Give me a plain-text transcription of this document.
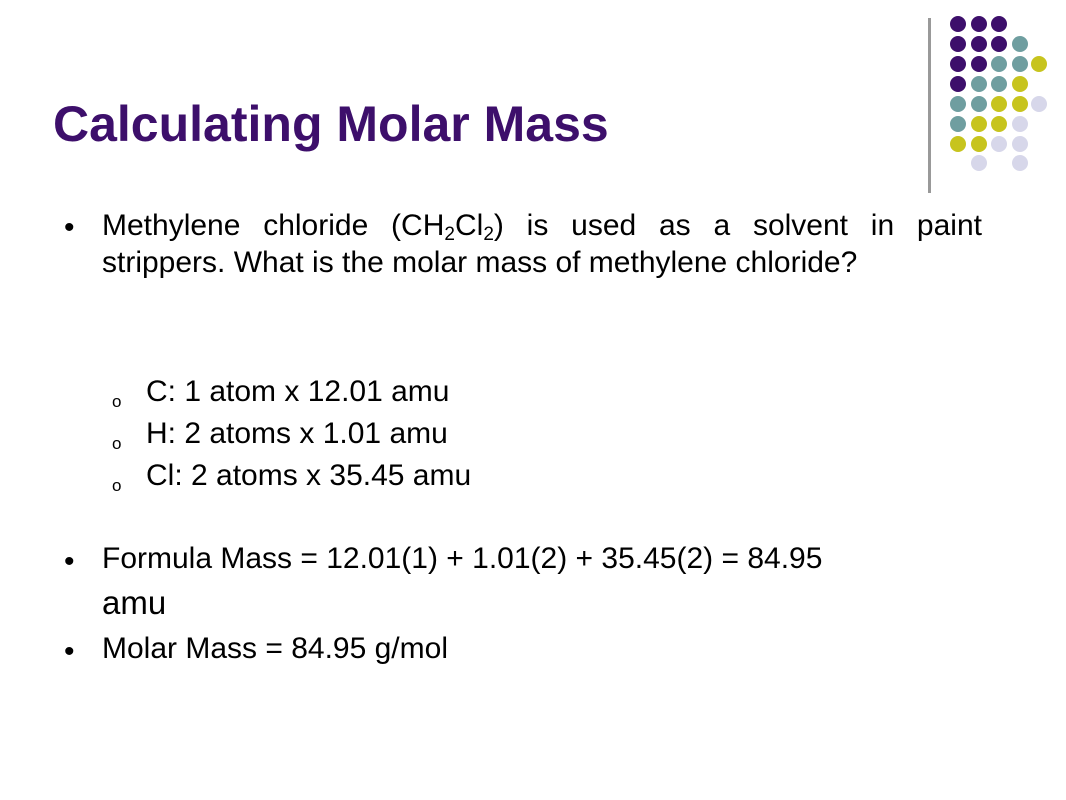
Calculating Molar Mass
• Methylene chloride $(CH_2Cl_2)$ is used as a solvent in paint strippers. What is the molar mass of methylene chloride?
o C: 1 atom x 12.01 amu
o H: 2 atoms x 1.01 amu
o Cl: 2 atoms x 35.45 amu
• Formula Mass = 12.01(1) + 1.01(2) + 35.45(2) = 84.95
amu
• Molar Mass = 84.95 g/mol
